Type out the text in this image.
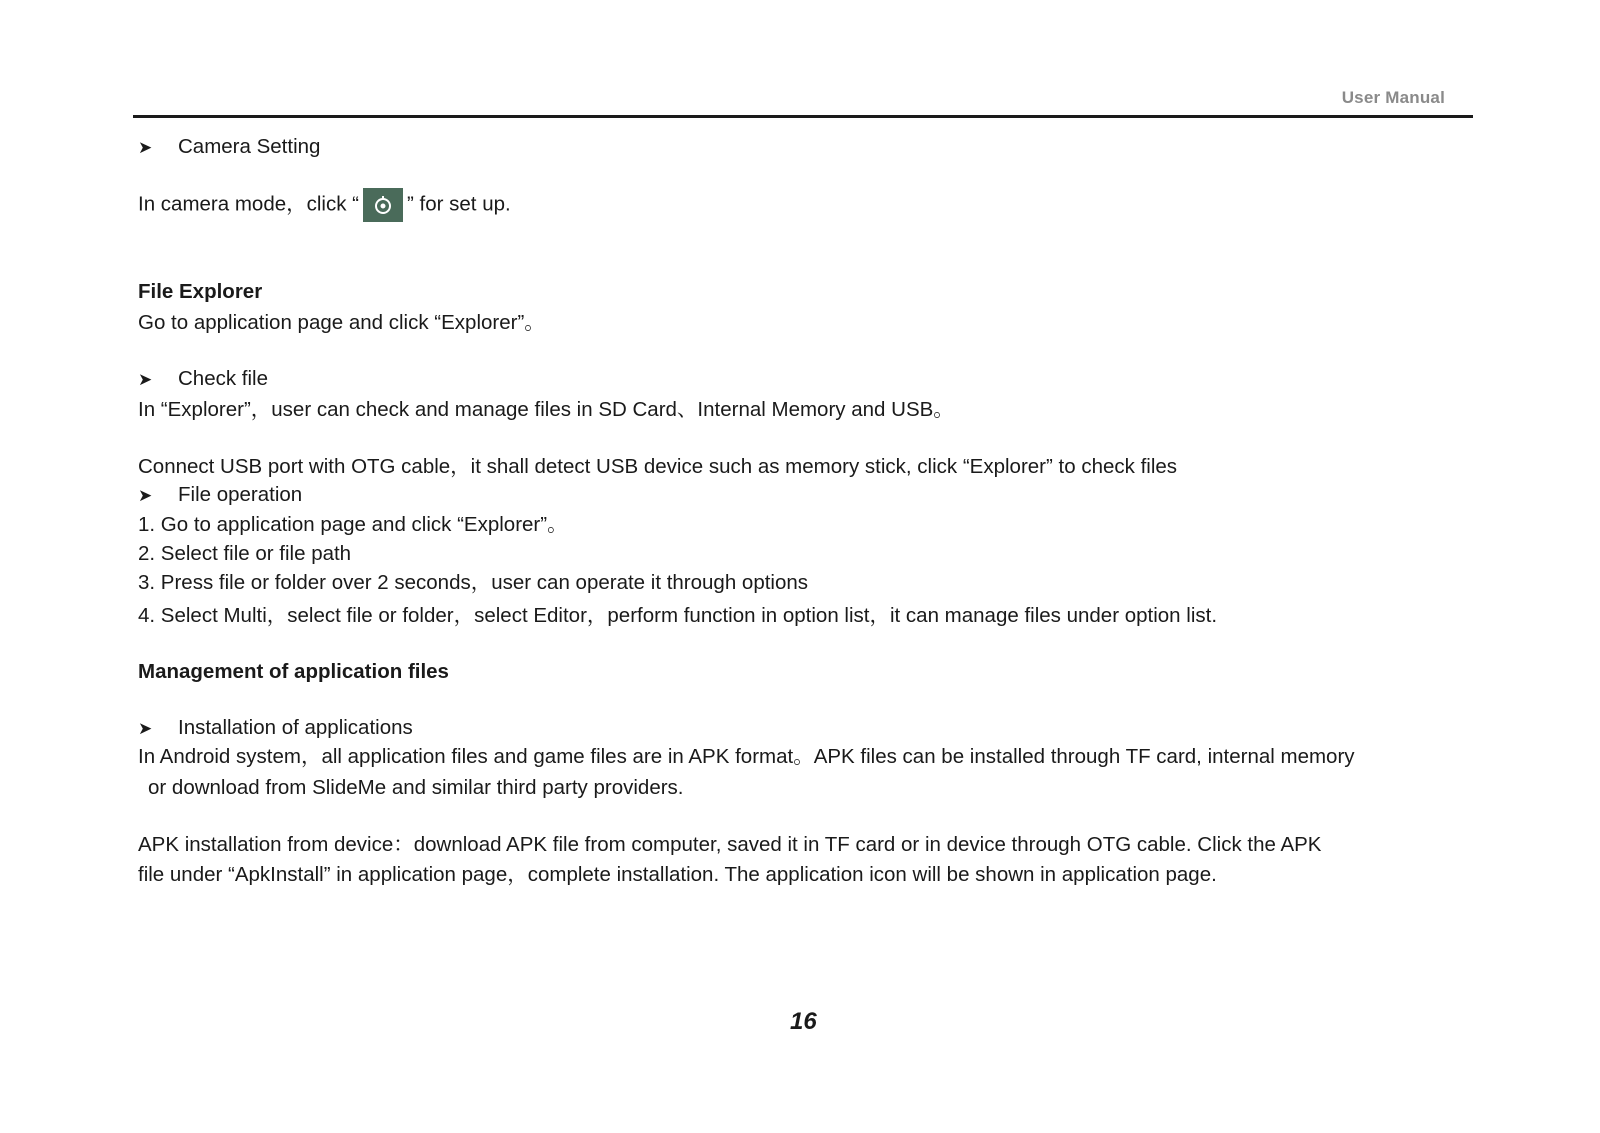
User Manual
➤ Camera Setting
In camera mode，click “ ” for set up.
File Explorer
Go to application page and click “Explorer”。
➤ Check file
In “Explorer”，user can check and manage files in SD Card、Internal Memory and USB。
Connect USB port with OTG cable，it shall detect USB device such as memory stick, click “Explorer” to check files
➤ File operation
1. Go to application page and click “Explorer”。
2. Select file or file path
3. Press file or folder over 2 seconds，user can operate it through options
4. Select Multi，select file or folder，select Editor，perform function in option list，it can manage files under option list.
Management of application files
➤ Installation of applications
In Android system，all application files and game files are in APK format。APK files can be installed through TF card, internal memory
or download from SlideMe and similar third party providers.
APK installation from device：download APK file from computer, saved it in TF card or in device through OTG cable. Click the APK
file under “ApkInstall” in application page，complete installation. The application icon will be shown in application page.
16
